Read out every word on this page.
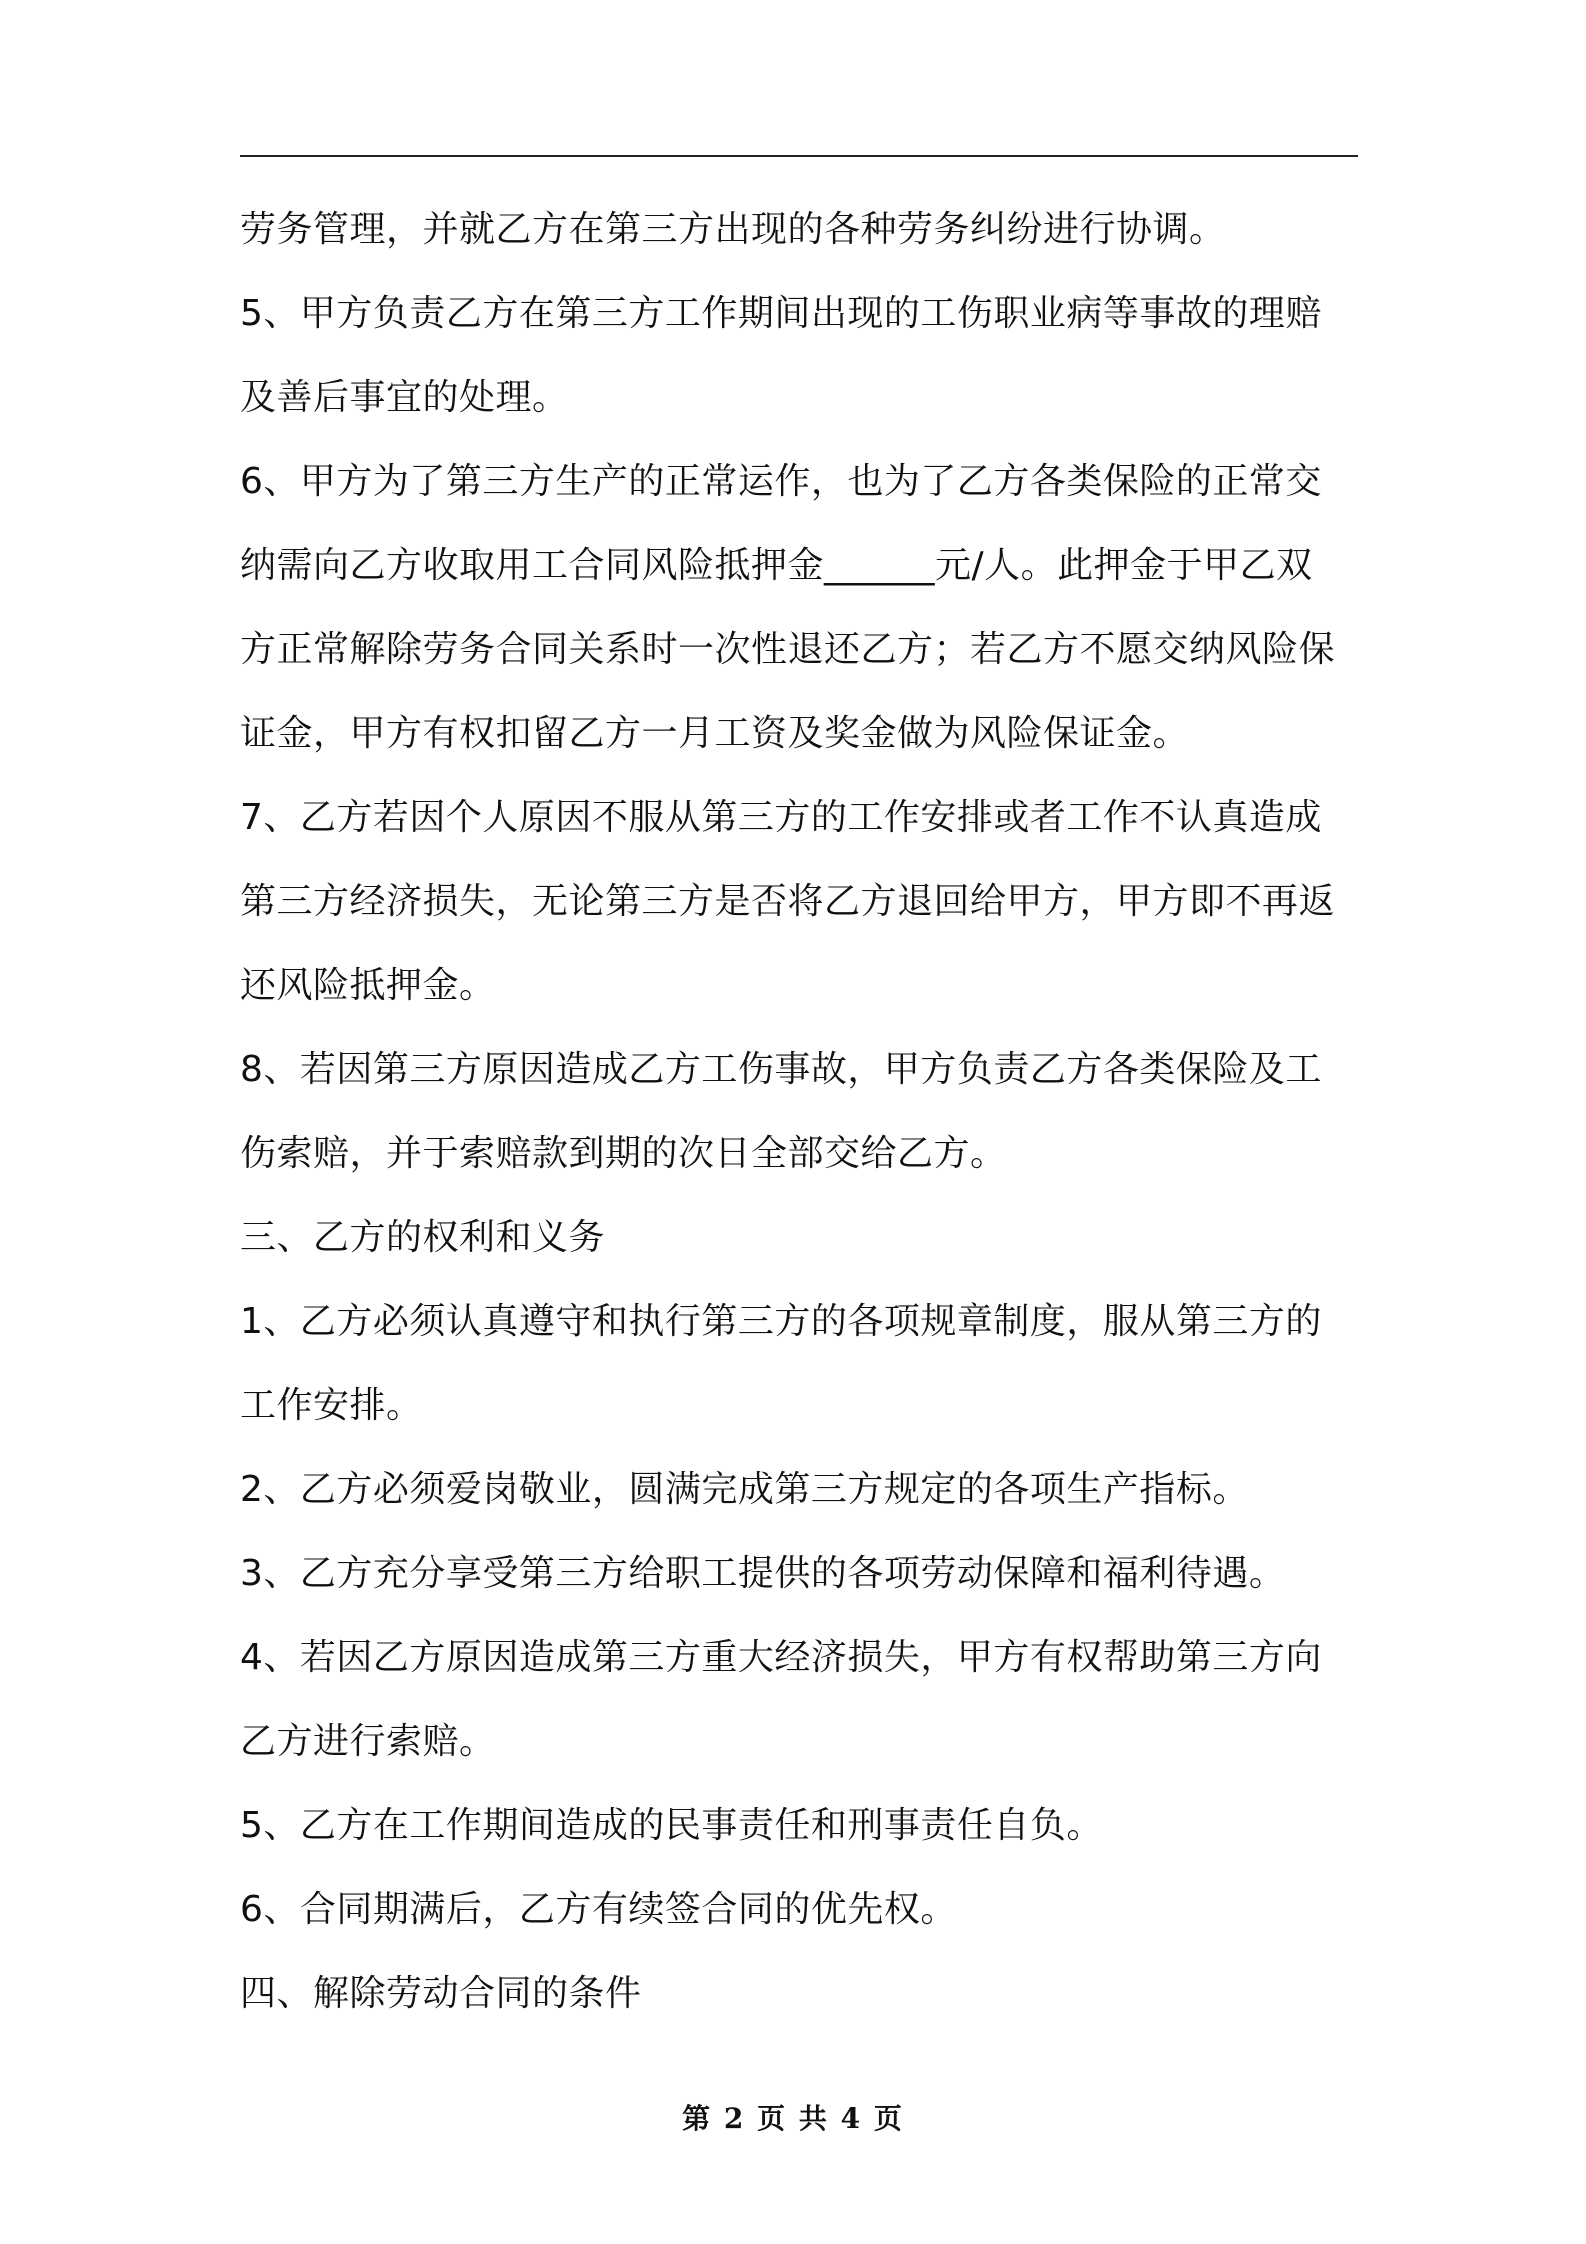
劳务管理，并就乙方在第三方出现的各种劳务纠纷进行协调。
5、甲方负责乙方在第三方工作期间出现的工伤职业病等事故的理赔
及善后事宜的处理。
6、甲方为了第三方生产的正常运作，也为了乙方各类保险的正常交
纳需向乙方收取用工合同风险抵押金______元/人。此押金于甲乙双
方正常解除劳务合同关系时一次性退还乙方；若乙方不愿交纳风险保
证金，甲方有权扣留乙方一月工资及奖金做为风险保证金。
7、乙方若因个人原因不服从第三方的工作安排或者工作不认真造成
第三方经济损失，无论第三方是否将乙方退回给甲方，甲方即不再返
还风险抵押金。
8、若因第三方原因造成乙方工伤事故，甲方负责乙方各类保险及工
伤索赔，并于索赔款到期的次日全部交给乙方。
三、乙方的权利和义务
1、乙方必须认真遵守和执行第三方的各项规章制度，服从第三方的
工作安排。
2、乙方必须爱岗敬业，圆满完成第三方规定的各项生产指标。
3、乙方充分享受第三方给职工提供的各项劳动保障和福利待遇。
4、若因乙方原因造成第三方重大经济损失，甲方有权帮助第三方向
乙方进行索赔。
5、乙方在工作期间造成的民事责任和刑事责任自负。
6、合同期满后，乙方有续签合同的优先权。
四、解除劳动合同的条件
第 2 页 共 4 页
